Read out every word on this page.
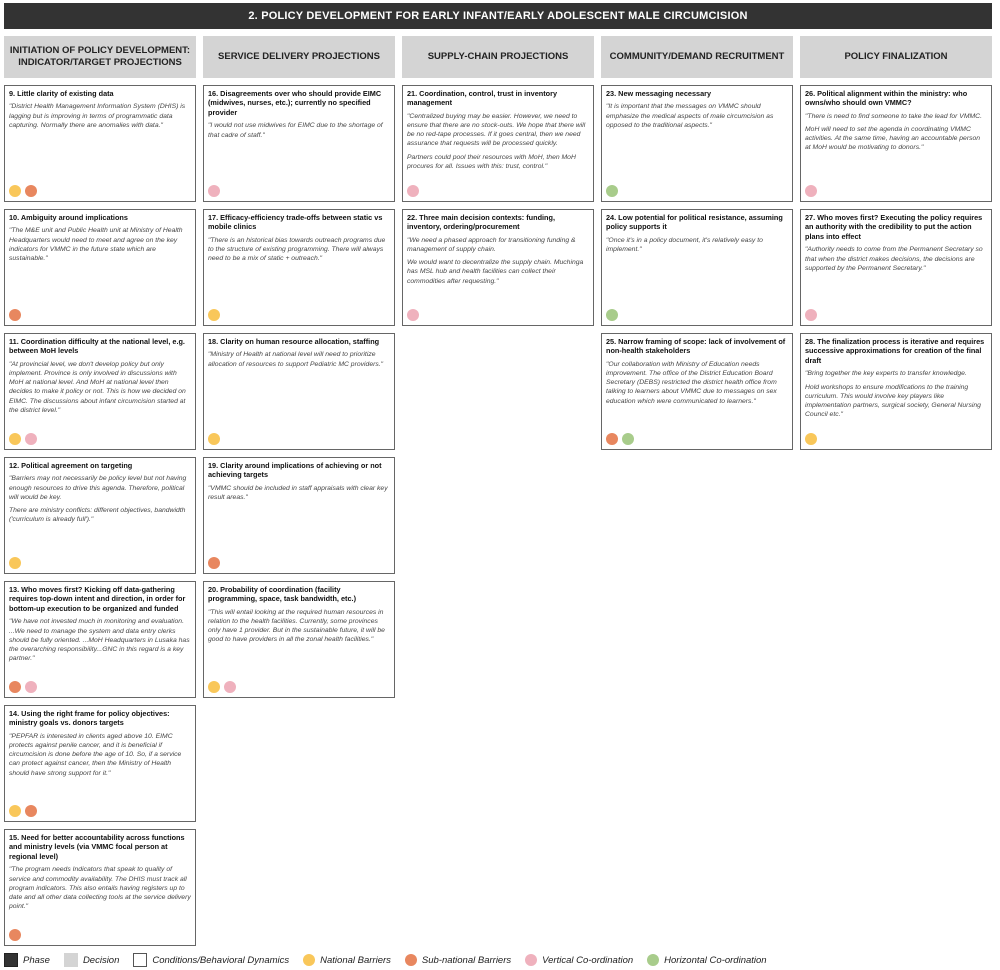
2. POLICY DEVELOPMENT FOR EARLY INFANT/EARLY ADOLESCENT MALE CIRCUMCISION
INITIATION OF POLICY DEVELOPMENT: INDICATOR/TARGET PROJECTIONS
9. Little clarity of existing data
"District Health Management Information System (DHIS) is lagging but is improving in terms of programmatic data capturing. Normally there are anomalies with data."
10. Ambiguity around implications
"The M&E unit and Public Health unit at Ministry of Health Headquarters would need to meet and agree on the key indicators for VMMC in the future state which are sustainable."
11. Coordination difficulty at the national level, e.g. between MoH levels
"At provincial level, we don't develop policy but only implement. Province is only involved in discussions with MoH at national level. And MoH at national level then decides to make it policy or not. This is how we decided on EIMC. The discussions about infant circumcision started at the district level."
12. Political agreement on targeting
"Barriers may not necessarily be policy level but not having enough resources to drive this agenda. Therefore, political will would be key.
There are ministry conflicts: different objectives, bandwidth ('curriculum is already full')."
13. Who moves first? Kicking off data-gathering requires top-down intent and direction, in order for bottom-up execution to be organized and funded
"We have not invested much in monitoring and evaluation. ...We need to manage the system and data entry clerks should be fully oriented. ...MoH Headquarters in Lusaka has the overarching responsibility...GNC in this regard is a key partner."
14. Using the right frame for policy objectives: ministry goals vs. donors targets
"PEPFAR is interested in clients aged above 10. EIMC protects against penile cancer, and it is beneficial if circumcision is done before the age of 10. So, if a service can protect against cancer, then the Ministry of Health should have strong support for it."
15. Need for better accountability across functions and ministry levels (via VMMC focal person at regional level)
"The program needs Indicators that speak to quality of service and commodity availability. The DHIS must track all program indicators. This also entails having registers up to date and all other data collecting tools at the service delivery point."
SERVICE DELIVERY PROJECTIONS
16. Disagreements over who should provide EIMC (midwives, nurses, etc.); currently no specified provider
"I would not use midwives for EIMC due to the shortage of that cadre of staff."
17. Efficacy-efficiency trade-offs between static vs mobile clinics
"There is an historical bias towards outreach programs due to the structure of existing programming. There will always need to be a mix of static + outreach."
18. Clarity on human resource allocation, staffing
"Ministry of Health at national level will need to prioritize allocation of resources to support Pediatric MC providers."
19. Clarity around implications of achieving or not achieving targets
"VMMC should be included in staff appraisals with clear key result areas."
20. Probability of coordination (facility programming, space, task bandwidth, etc.)
"This will entail looking at the required human resources in relation to the health facilities. Currently, some provinces only have 1 provider. But in the sustainable future, it will be good to have providers in all the zonal health facilities."
SUPPLY-CHAIN PROJECTIONS
21. Coordination, control, trust in inventory management
"Centralized buying may be easier. However, we need to ensure that there are no stock-outs. We hope that there will be no red-tape processes. If it goes central, then we need assurance that requests will be processed quickly.
Partners could pool their resources with MoH, then MoH procures for all. Issues with this: trust, control."
22. Three main decision contexts: funding, inventory, ordering/procurement
"We need a phased approach for transitioning funding & management of supply chain.
We would want to decentralize the supply chain. Muchinga has MSL hub and health facilities can collect their commodities after requesting."
COMMUNITY/DEMAND RECRUITMENT
23. New messaging necessary
"It is important that the messages on VMMC should emphasize the medical aspects of male circumcision as opposed to the traditional aspects."
24. Low potential for political resistance, assuming policy supports it
"Once it's in a policy document, it's relatively easy to implement."
25. Narrow framing of scope: lack of involvement of non-health stakeholders
"Our collaboration with Ministry of Education needs improvement. The office of the District Education Board Secretary (DEBS) restricted the district health office from talking to learners about VMMC due to messages on sex education which were communicated to learners."
POLICY FINALIZATION
26. Political alignment within the ministry: who owns/who should own VMMC?
"There is need to find someone to take the lead for VMMC.
MoH will need to set the agenda in coordinating VMMC activities. At the same time, having an accountable person at MoH would be motivating to donors."
27. Who moves first? Executing the policy requires an authority with the credibility to put the action plans into effect
"Authority needs to come from the Permanent Secretary so that when the district makes decisions, the decisions are supported by the Permanent Secretary."
28. The finalization process is iterative and requires successive approximations for creation of the final draft
"Bring together the key experts to transfer knowledge.
Hold workshops to ensure modifications to the training curriculum. This would involve key players like implementation partners, surgical society, General Nursing Council etc."
Phase	Decision	Conditions/Behavioral Dynamics	National Barriers	Sub-national Barriers	Vertical Co-ordination	Horizontal Co-ordination
